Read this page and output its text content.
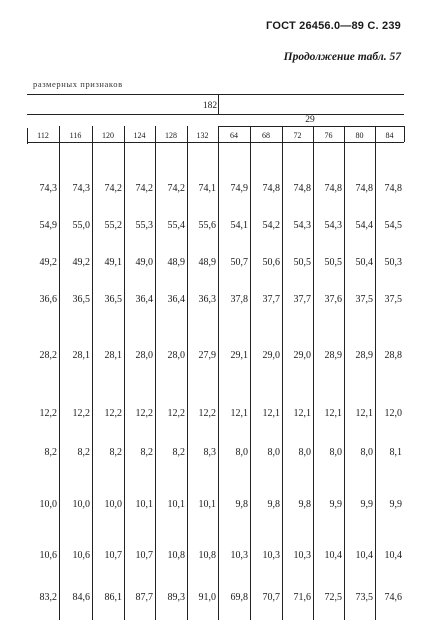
ГОСТ 26456.0—89 С. 239
Продолжение табл. 57
размерных признаков
182
29
112	116	120	124	128	132	64	68	72	76	80	84
74,3	74,3	74,2	74,2	74,2	74,1	74,9	74,8	74,8	74,8	74,8	74,8
54,9	55,0	55,2	55,3	55,4	55,6	54,1	54,2	54,3	54,3	54,4	54,5
49,2	49,2	49,1	49,0	48,9	48,9	50,7	50,6	50,5	50,5	50,4	50,3
36,6	36,5	36,5	36,4	36,4	36,3	37,8	37,7	37,7	37,6	37,5	37,5
28,2	28,1	28,1	28,0	28,0	27,9	29,1	29,0	29,0	28,9	28,9	28,8
12,2	12,2	12,2	12,2	12,2	12,2	12,1	12,1	12,1	12,1	12,1	12,0
8,2	8,2	8,2	8,2	8,2	8,3	8,0	8,0	8,0	8,0	8,0	8,1
10,0	10,0	10,0	10,1	10,1	10,1	9,8	9,8	9,8	9,9	9,9	9,9
10,6	10,6	10,7	10,7	10,8	10,8	10,3	10,3	10,3	10,4	10,4	10,4
83,2	84,6	86,1	87,7	89,3	91,0	69,8	70,7	71,6	72,5	73,5	74,6
